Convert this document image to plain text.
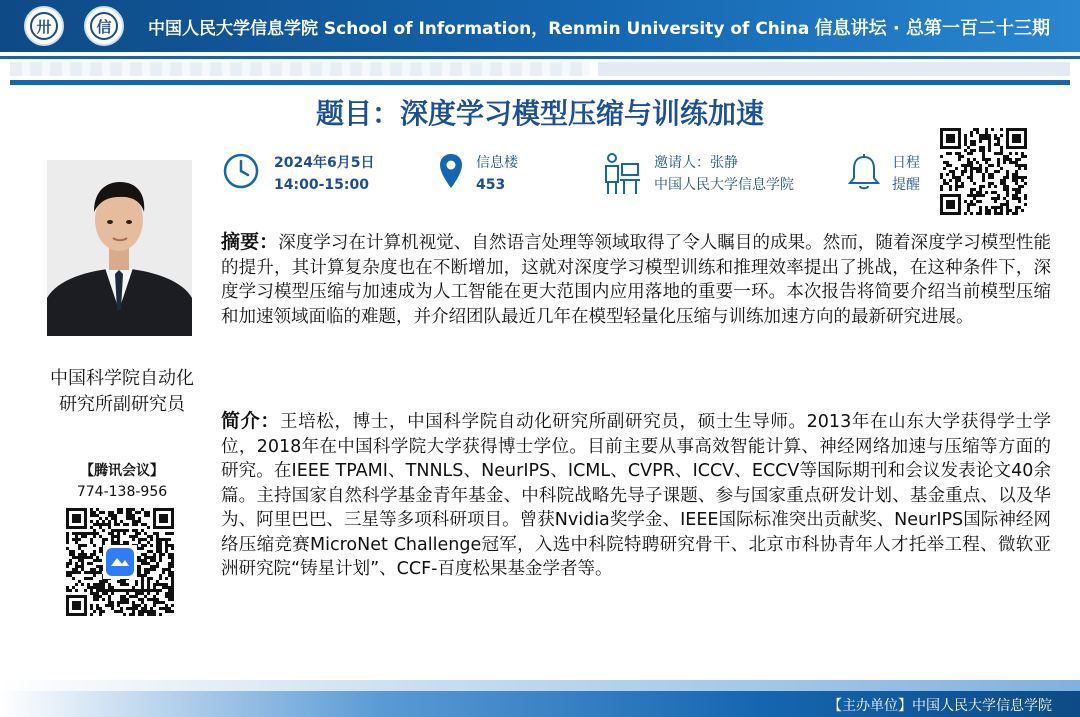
卅	信	中国人民大学信息学院 School of Information，Renmin University of China 信息讲坛 · 总第一百二十三期
题目：深度学习模型压缩与训练加速
2024年6月5日
14:00-15:00
信息楼
453
邀请人：张静
中国人民大学信息学院
日程
提醒
中国科学院自动化
研究所副研究员
【腾讯会议】
774-138-956
摘要：深度学习在计算机视觉、自然语言处理等领域取得了令人瞩目的成果。然而，随着深度学习模型性能的提升，其计算复杂度也在不断增加，这就对深度学习模型训练和推理效率提出了挑战，在这种条件下，深度学习模型压缩与加速成为人工智能在更大范围内应用落地的重要一环。本次报告将简要介绍当前模型压缩和加速领域面临的难题，并介绍团队最近几年在模型轻量化压缩与训练加速方向的最新研究进展。
简介：王培松，博士，中国科学院自动化研究所副研究员，硕士生导师。2013年在山东大学获得学士学位，2018年在中国科学院大学获得博士学位。目前主要从事高效智能计算、神经网络加速与压缩等方面的研究。在IEEE TPAMI、TNNLS、NeurIPS、ICML、CVPR、ICCV、ECCV等国际期刊和会议发表论文40余篇。主持国家自然科学基金青年基金、中科院战略先导子课题、参与国家重点研发计划、基金重点、以及华为、阿里巴巴、三星等多项科研项目。曾获Nvidia奖学金、IEEE国际标准突出贡献奖、NeurIPS国际神经网络压缩竞赛MicroNet Challenge冠军，入选中科院特聘研究骨干、北京市科协青年人才托举工程、微软亚洲研究院“铸星计划”、CCF-百度松果基金学者等。
【主办单位】中国人民大学信息学院
